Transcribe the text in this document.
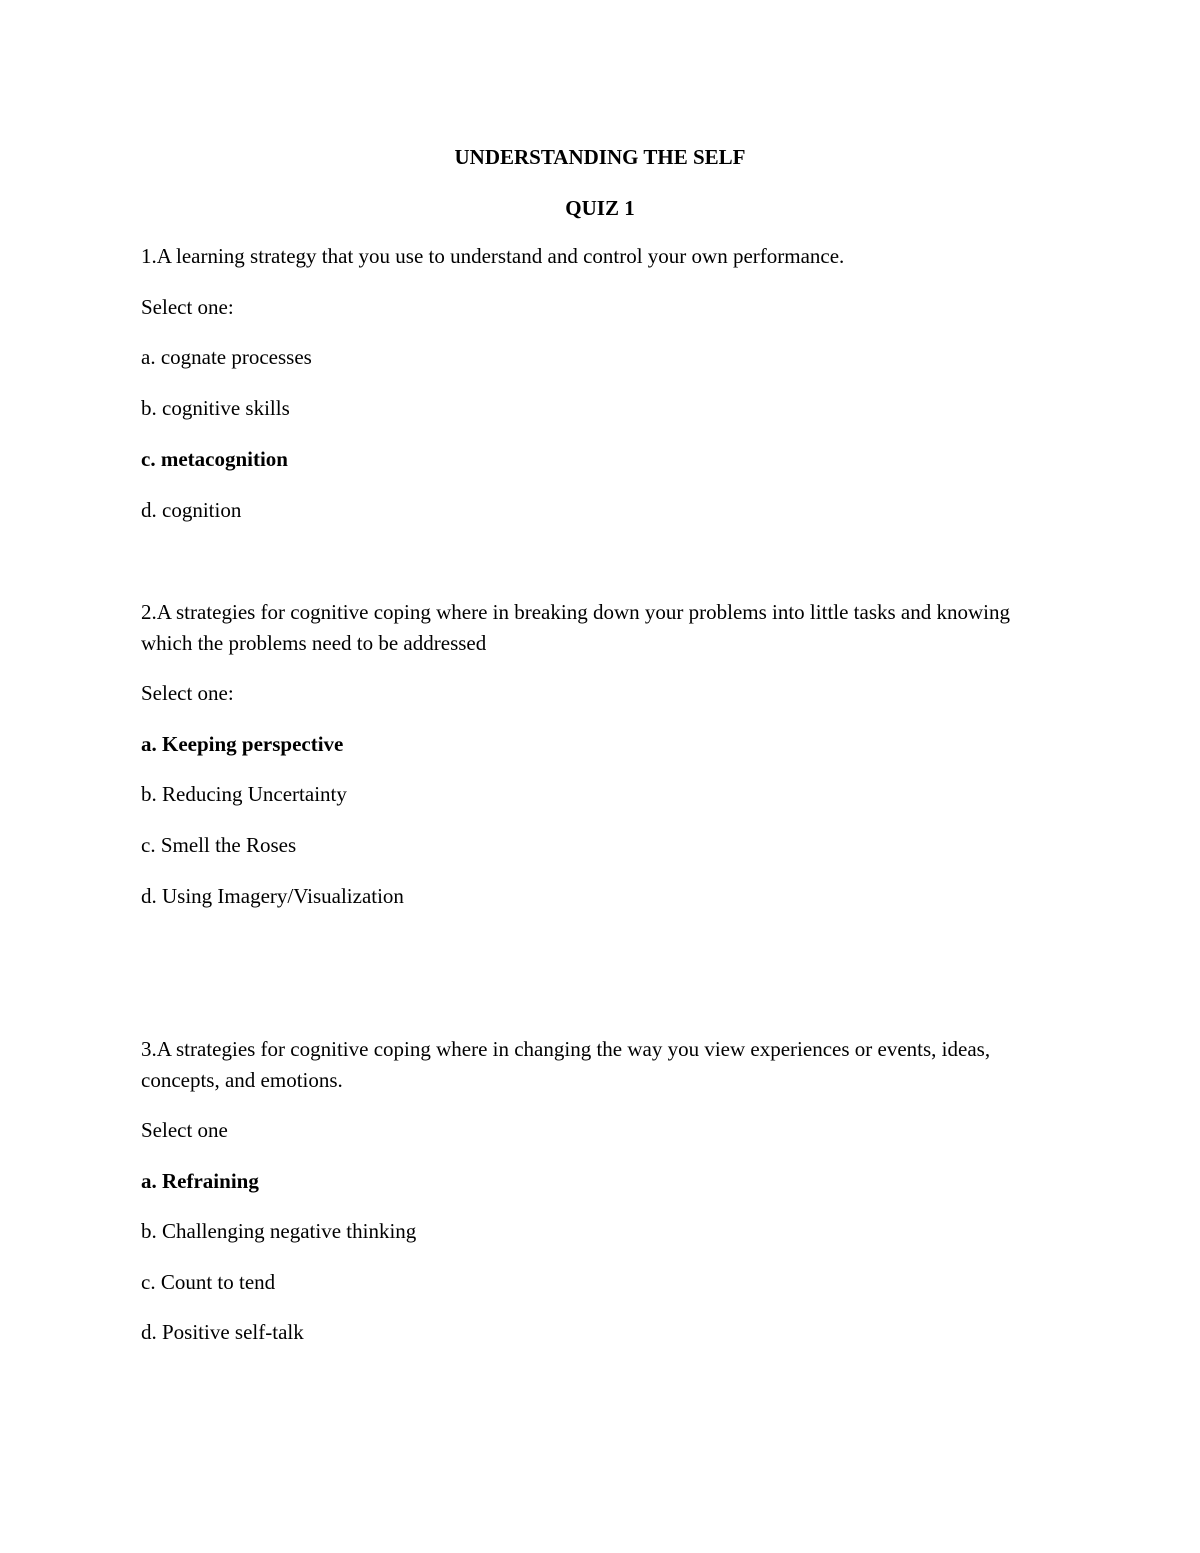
UNDERSTANDING THE SELF
QUIZ 1
1.A learning strategy that you use to understand and control your own performance.
Select one:
a. cognate processes
b. cognitive skills
c. metacognition
d. cognition
2.A strategies for cognitive coping where in breaking down your problems into little tasks and knowing which the problems need to be addressed
Select one:
a. Keeping perspective
b. Reducing Uncertainty
c. Smell the Roses
d. Using Imagery/Visualization
3.A strategies for cognitive coping where in changing the way you view experiences or events, ideas, concepts, and emotions.
Select one
a. Refraining
b. Challenging negative thinking
c. Count to tend
d. Positive self-talk
